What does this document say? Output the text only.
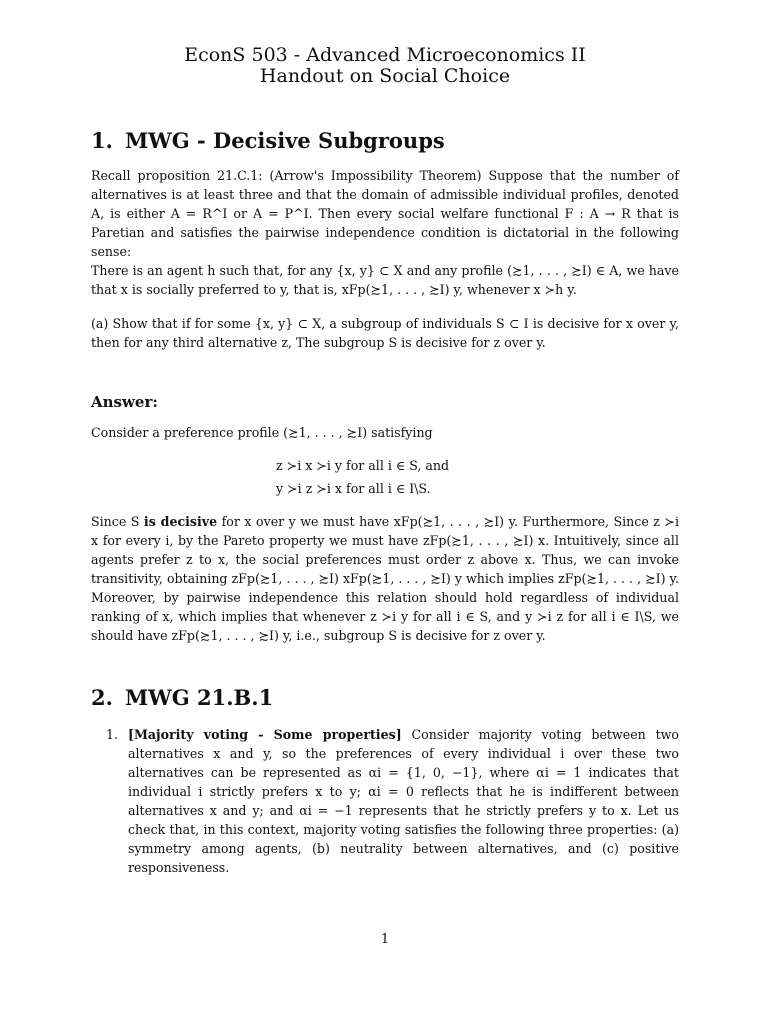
EconS 503 - Advanced Microeconomics II
Handout on Social Choice
1. MWG - Decisive Subgroups
Recall proposition 21.C.1: (Arrow's Impossibility Theorem) Suppose that the number of alternatives is at least three and that the domain of admissible individual profiles, denoted A, is either A = R^I or A = P^I. Then every social welfare functional F : A → R that is Paretian and satisfies the pairwise independence condition is dictatorial in the following sense:
There is an agent h such that, for any {x, y} ⊂ X and any profile (≿1, . . . , ≿I) ∈ A, we have that x is socially preferred to y, that is, xFp(≿1, . . . , ≿I) y, whenever x ≻h y.
(a) Show that if for some {x, y} ⊂ X, a subgroup of individuals S ⊂ I is decisive for x over y, then for any third alternative z, The subgroup S is decisive for z over y.
Answer:
Consider a preference profile (≿1, . . . , ≿I) satisfying
z ≻i x ≻i y for all i ∈ S, and
y ≻i z ≻i x for all i ∈ I\S.
Since S is decisive for x over y we must have xFp(≿1, . . . , ≿I) y. Furthermore, Since z ≻i x for every i, by the Pareto property we must have zFp(≿1, . . . , ≿I) x. Intuitively, since all agents prefer z to x, the social preferences must order z above x. Thus, we can invoke transitivity, obtaining zFp(≿1, . . . , ≿I) xFp(≿1, . . . , ≿I) y which implies zFp(≿1, . . . , ≿I) y. Moreover, by pairwise independence this relation should hold regardless of individual ranking of x, which implies that whenever z ≻i y for all i ∈ S, and y ≻i z for all i ∈ I\S, we should have zFp(≿1, . . . , ≿I) y, i.e., subgroup S is decisive for z over y.
2. MWG 21.B.1
1. [Majority voting - Some properties] Consider majority voting between two alternatives x and y, so the preferences of every individual i over these two alternatives can be represented as αi = {1, 0, −1}, where αi = 1 indicates that individual i strictly prefers x to y; αi = 0 reflects that he is indifferent between alternatives x and y; and αi = −1 represents that he strictly prefers y to x. Let us check that, in this context, majority voting satisfies the following three properties: (a) symmetry among agents, (b) neutrality between alternatives, and (c) positive responsiveness.
1
